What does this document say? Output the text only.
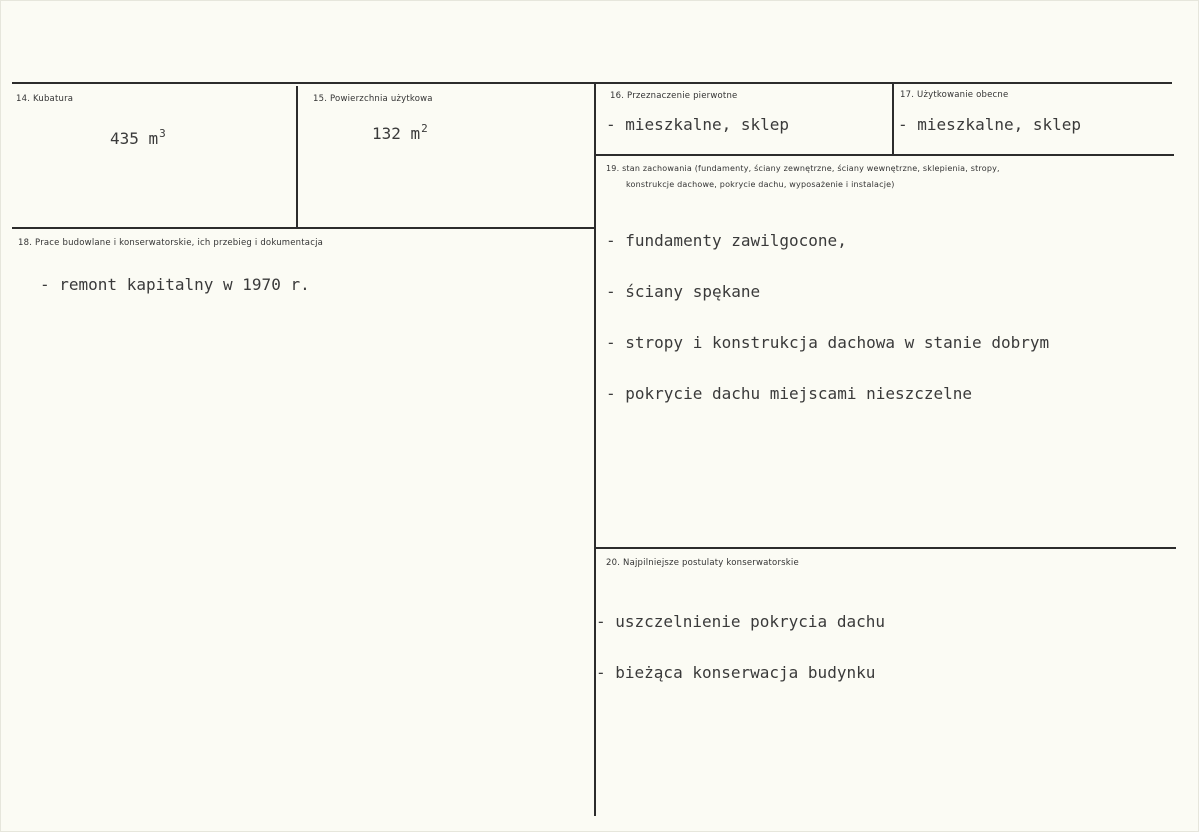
14. Kubatura
435 $m^3$
15. Powierzchnia użytkowa
132 $m^2$
16. Przeznaczenie pierwotne
- mieszkalne, sklep
17. Użytkowanie obecne
- mieszkalne, sklep
18. Prace budowlane i konserwatorskie, ich przebieg i dokumentacja
- remont kapitalny w 1970 r.
19. stan zachowania (fundamenty, ściany zewnętrzne, ściany wewnętrzne, sklepienia, stropy,
konstrukcje dachowe, pokrycie dachu, wyposażenie i instalacje)

- fundamenty zawilgocone,

- ściany spękane

- stropy i konstrukcja dachowa w stanie dobrym

- pokrycie dachu miejscami nieszczelne

20. Najpilniejsze postulaty konserwatorskie

- uszczelnienie pokrycia dachu

- bieżąca konserwacja budynku
